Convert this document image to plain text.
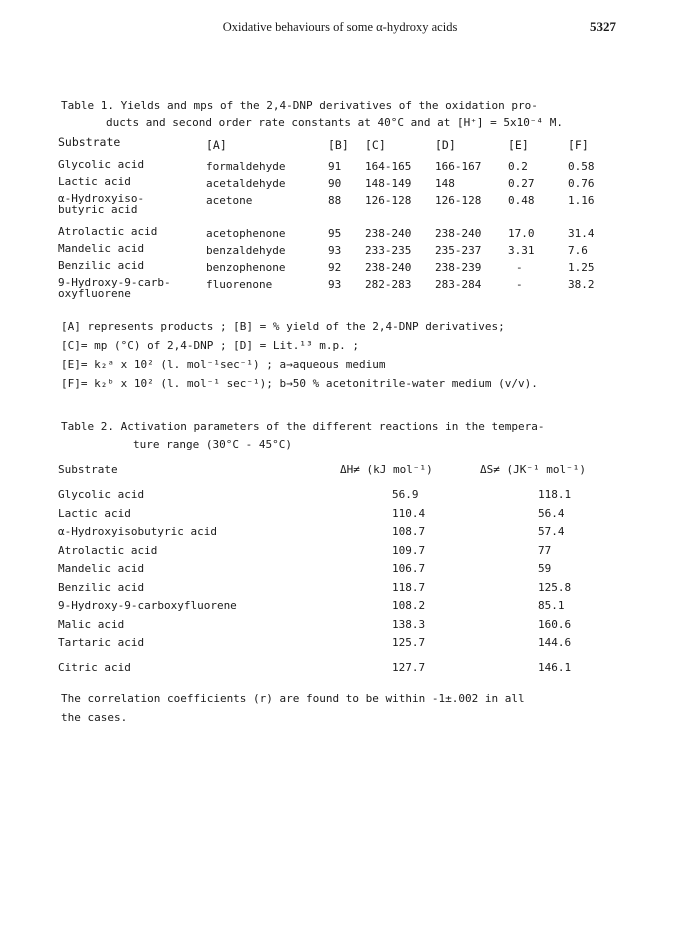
Oxidative behaviours of some α-hydroxy acids	5327
Table 1. Yields and mps of the 2,4-DNP derivatives of the oxidation pro-
ducts and second order rate constants at 40°C and at [H⁺] = 5x10⁻⁴ M.
Substrate	[A]	[B]	[C]	[D]	[E]	[F]
Glycolic acid	formaldehyde	91	164-165	166-167	0.2	0.58
Lactic acid	acetaldehyde	90	148-149	148	0.27	0.76
α-Hydroxyiso-
butyric acid	acetone	88	126-128	126-128	0.48	1.16
Atrolactic acid	acetophenone	95	238-240	238-240	17.0	31.4
Mandelic acid	benzaldehyde	93	233-235	235-237	3.31	7.6
Benzilic acid	benzophenone	92	238-240	238-239	-	1.25
9-Hydroxy-9-carb-
oxyfluorene	fluorenone	93	282-283	283-284	-	38.2
[A] represents products ; [B] = % yield of the 2,4-DNP derivatives;
[C]= mp (°C) of 2,4-DNP ; [D] = Lit.¹³ m.p. ;
[E]= k₂ᵃ x 10² (l. mol⁻¹sec⁻¹) ; a→aqueous medium
[F]= k₂ᵇ x 10² (l. mol⁻¹ sec⁻¹); b→50 % acetonitrile-water medium (v/v).
Table 2. Activation parameters of the different reactions in the tempera-
ture range (30°C - 45°C)
Substrate	ΔH≠ (kJ mol⁻¹)	ΔS≠ (JK⁻¹ mol⁻¹)
Glycolic acid	56.9	118.1
Lactic acid	110.4	56.4
α-Hydroxyisobutyric acid	108.7	57.4
Atrolactic acid	109.7	77
Mandelic acid	106.7	59
Benzilic acid	118.7	125.8
9-Hydroxy-9-carboxyfluorene	108.2	85.1
Malic acid	138.3	160.6
Tartaric acid	125.7	144.6
Citric acid	127.7	146.1
The correlation coefficients (r) are found to be within -1±.002 in all
the cases.
